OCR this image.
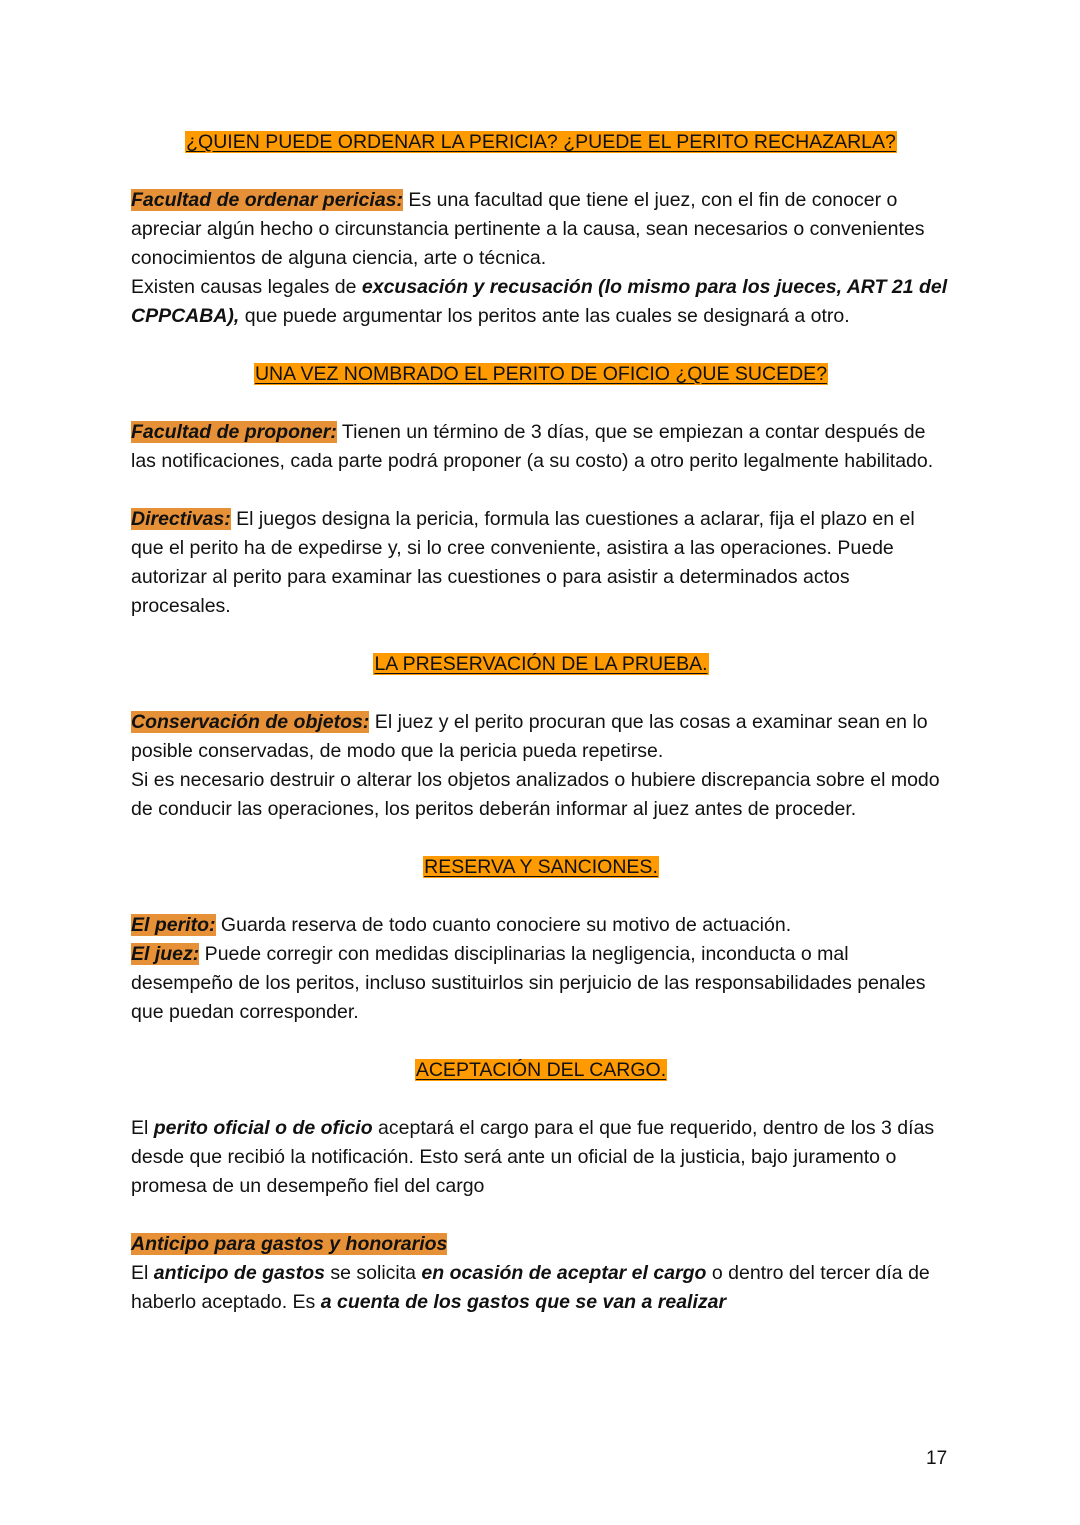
¿QUIEN PUEDE ORDENAR LA PERICIA? ¿PUEDE EL PERITO RECHAZARLA?

Facultad de ordenar pericias: Es una facultad que tiene el juez, con el fin de conocer o apreciar algún hecho o circunstancia pertinente a la causa, sean necesarios o convenientes conocimientos de alguna ciencia, arte o técnica.

Existen causas legales de excusación y recusación (lo mismo para los jueces, ART 21 del CPPCABA), que puede argumentar los peritos ante las cuales se designará a otro.

UNA VEZ NOMBRADO EL PERITO DE OFICIO ¿QUE SUCEDE?

Facultad de proponer: Tienen un término de 3 días, que se empiezan a contar después de las notificaciones, cada parte podrá proponer (a su costo) a otro perito legalmente habilitado.

Directivas: El juegos designa la pericia, formula las cuestiones a aclarar, fija el plazo en el que el perito ha de expedirse y, si lo cree conveniente, asistira a las operaciones. Puede autorizar al perito para examinar las cuestiones o para asistir a determinados actos procesales.

LA PRESERVACIÓN DE LA PRUEBA.

Conservación de objetos: El juez y el perito procuran que las cosas a examinar sean en lo posible conservadas, de modo que la pericia pueda repetirse.

Si es necesario destruir o alterar los objetos analizados o hubiere discrepancia sobre el modo de conducir las operaciones, los peritos deberán informar al juez antes de proceder.

RESERVA Y SANCIONES.

El perito: Guarda reserva de todo cuanto conociere su motivo de actuación.

El juez: Puede corregir con medidas disciplinarias la negligencia, inconducta o mal desempeño de los peritos, incluso sustituirlos sin perjuicio de las responsabilidades penales que puedan corresponder.

ACEPTACIÓN DEL CARGO.

El perito oficial o de oficio aceptará el cargo para el que fue requerido, dentro de los 3 días desde que recibió la notificación. Esto será ante un oficial de la justicia, bajo juramento o promesa de un desempeño fiel del cargo

Anticipo para gastos y honorarios

El anticipo de gastos se solicita en ocasión de aceptar el cargo o dentro del tercer día de haberlo aceptado. Es a cuenta de los gastos que se van a realizar

17
